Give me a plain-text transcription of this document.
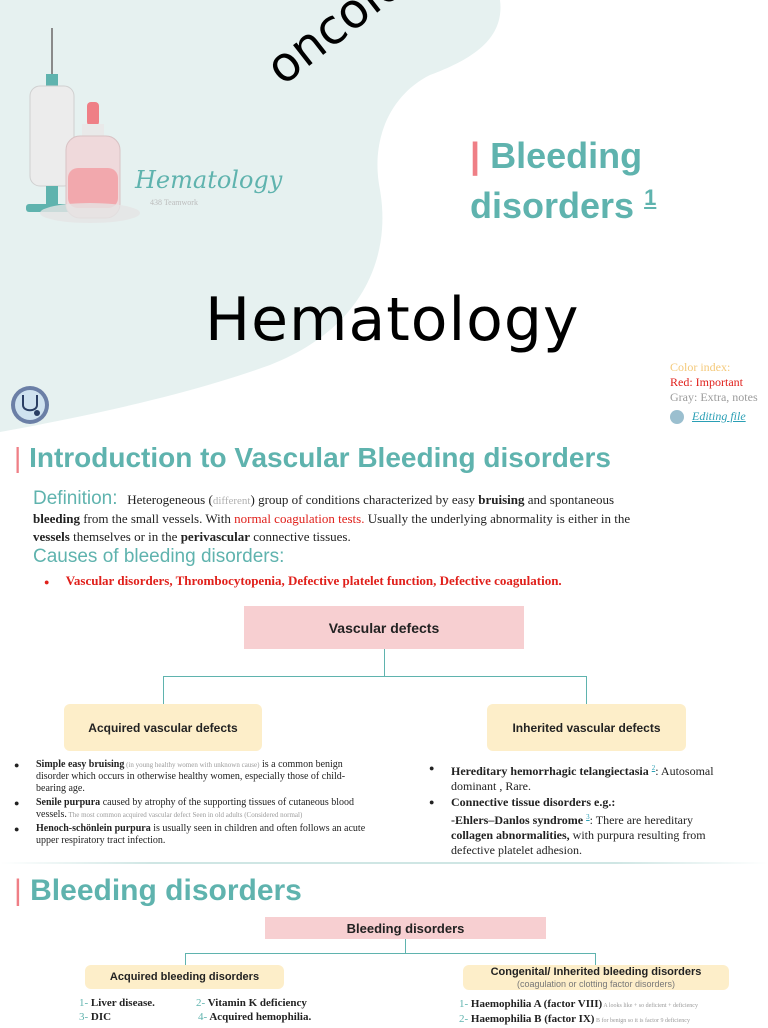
Hematology
438 Teamwork
Hematology
| Bleeding
disorders $^1$
Color index:
Red: Important
Gray: Extra, notes
Editing file
| Introduction to Vascular Bleeding disorders
Definition: Heterogeneous (different) group of conditions characterized by easy bruising and spontaneous
bleeding from the small vessels. With normal coagulation tests. Usually the underlying abnormality is either in the
vessels themselves or in the perivascular connective tissues.
Causes of bleeding disorders:
● Vascular disorders, Thrombocytopenia, Defective platelet function, Defective coagulation.
Vascular defects
Acquired vascular defects	Inherited vascular defects
● Simple easy bruising (in young healthy women with unknown cause) is a common benign disorder which occurs in otherwise healthy women, especially those of child-bearing age.
● Senile purpura caused by atrophy of the supporting tissues of cutaneous blood vessels. The most common acquired vascular defect Seen in old adults (Considered normal)
● Henoch-schönlein purpura is usually seen in children and often follows an acute upper respiratory tract infection.
● Hereditary hemorrhagic telangiectasia $^2$: Autosomal dominant , Rare.
● Connective tissue disorders e.g.:
-Ehlers–Danlos syndrome $^3$: There are hereditary
collagen abnormalities, with purpura resulting from defective platelet adhesion.
| Bleeding disorders
Bleeding disorders
Acquired bleeding disorders	Congenital/ Inherited bleeding disorders
(coagulation or clotting factor disorders)
1- Liver disease.	2- Vitamin K deficiency
3- DIC	4- Acquired hemophilia.
1- Haemophilia A (factor VIII) A looks like + so deficient + deficiency
2- Haemophilia B (factor IX) B for benign so it is factor 9 deficiency
